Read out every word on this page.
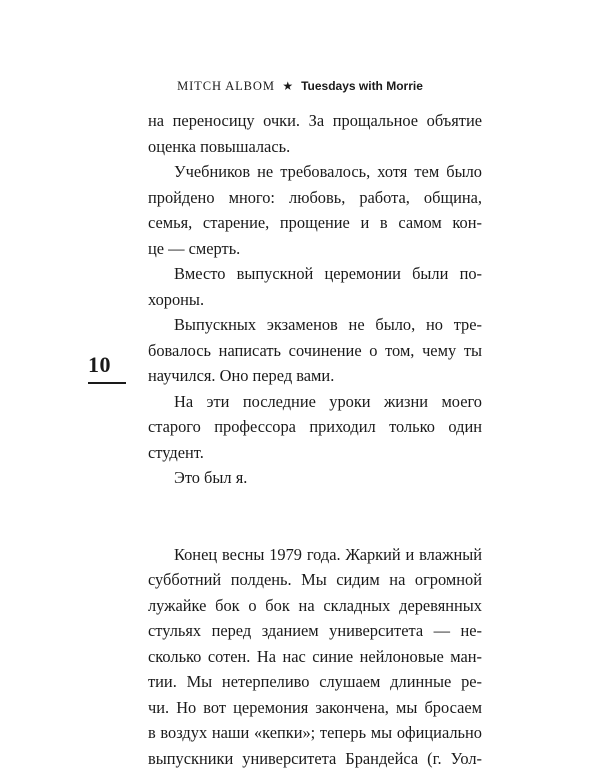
MITCH ALBOM ★ Tuesdays with Morrie
10
на переносицу очки. За прощальное объятие
оценка повышалась.
Учебников не требовалось, хотя тем было
пройдено много: любовь, работа, община,
семья, старение, прощение и в самом кон-
це — смерть.
Вместо выпускной церемонии были по-
хороны.
Выпускных экзаменов не было, но тре-
бовалось написать сочинение о том, чему ты
научился. Оно перед вами.
На эти последние уроки жизни моего
старого профессора приходил только один
студент.
Это был я.
Конец весны 1979 года. Жаркий и влажный
субботний полдень. Мы сидим на огромной
лужайке бок о бок на складных деревянных
стульях перед зданием университета — не-
сколько сотен. На нас синие нейлоновые ман-
тии. Мы нетерпеливо слушаем длинные ре-
чи. Но вот церемония закончена, мы бросаем
в воздух наши «кепки»; теперь мы официально
выпускники университета Брандейса (г. Уол-
